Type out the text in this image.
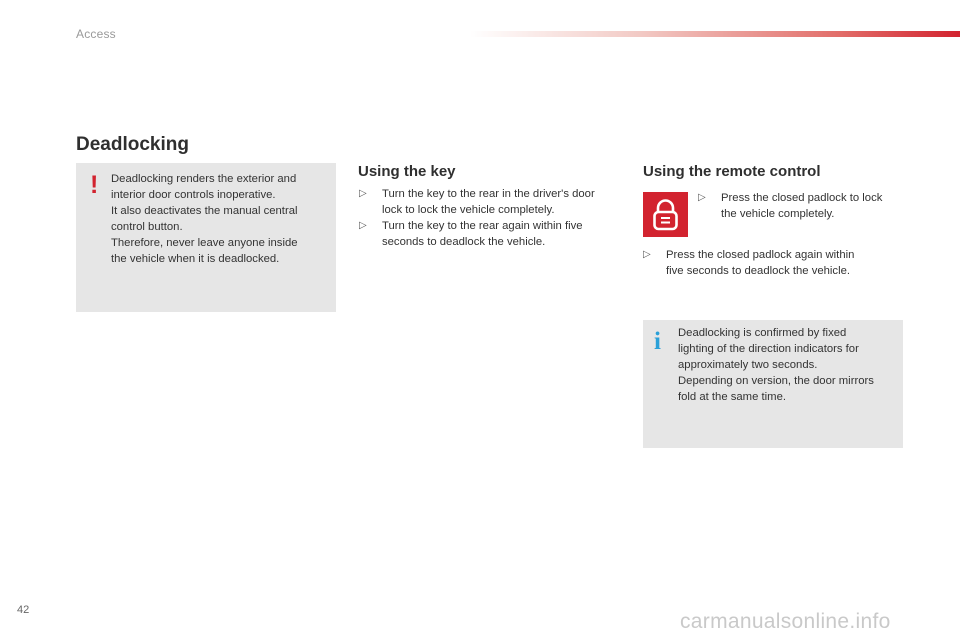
Access
Deadlocking
! Deadlocking renders the exterior and
interior door controls inoperative.
It also deactivates the manual central
control button.
Therefore, never leave anyone inside
the vehicle when it is deadlocked.
Using the key
▷ Turn the key to the rear in the driver's door
lock to lock the vehicle completely.
▷ Turn the key to the rear again within five
seconds to deadlock the vehicle.
Using the remote control
▷ Press the closed padlock to lock
the vehicle completely.
▷ Press the closed padlock again within
five seconds to deadlock the vehicle.
i Deadlocking is confirmed by fixed
lighting of the direction indicators for
approximately two seconds.
Depending on version, the door mirrors
fold at the same time.
42	carmanualsonline.info
